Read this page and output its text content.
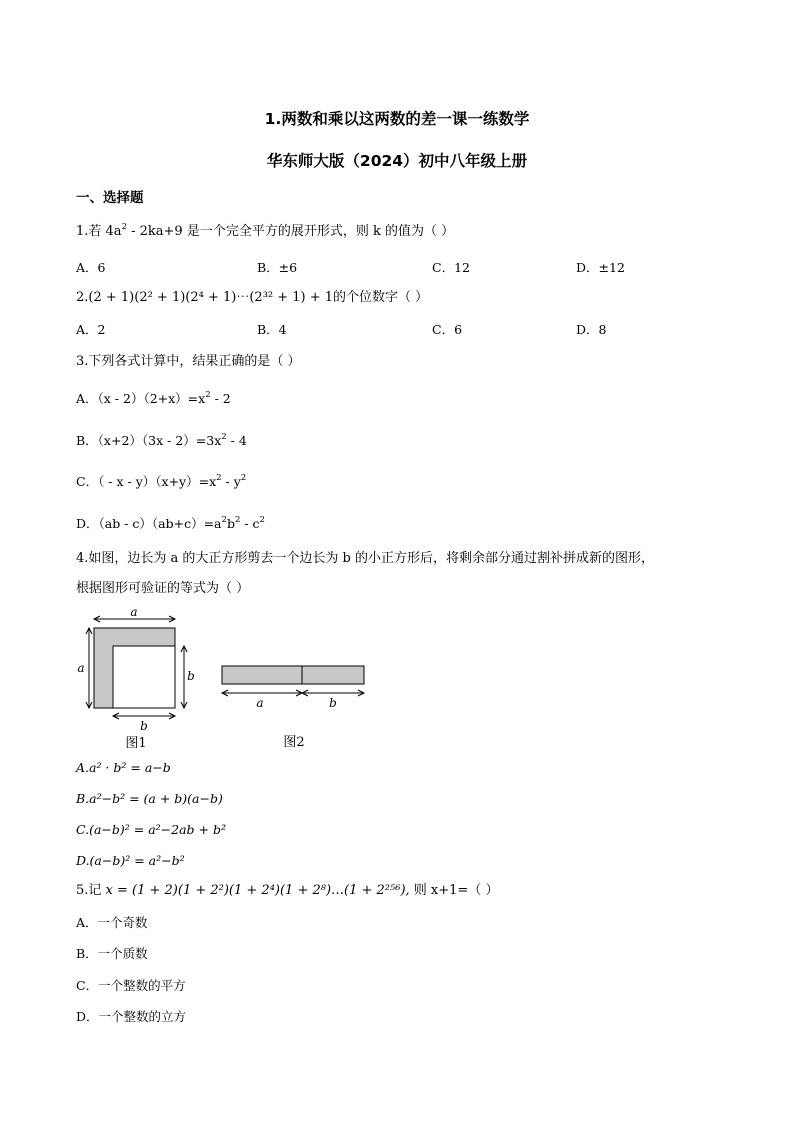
1.两数和乘以这两数的差一课一练数学
华东师大版（2024）初中八年级上册
一、选择题
1.若 $4a^2 - 2ka+9$ 是一个完全平方的展开形式，则 k 的值为（ ）
A．6	B．±6	C．12	D．±12
2.(2 + 1)(2² + 1)(2⁴ + 1)⋯(2³² + 1) + 1的个位数字（ ）
A．2	B．4	C．6	D．8
3.下列各式计算中，结果正确的是（ ）
A．$(x - 2)(2+x)=x^2 - 2$
B．$(x+2)(3x - 2)=3x^2 - 4$
C．（ - $x - y)(x+y)=x^2 - y^2$
D．$(ab - c)(ab+c)=a^2b^2 - c^2$
4.如图，边长为 a 的大正方形剪去一个边长为 b 的小正方形后，将剩余部分通过割补拼成新的图形，
根据图形可验证的等式为（ ）
a
a
b
b
图1
a	b
图2
A.a² · b² = a−b
B.a²−b² = (a + b)(a−b)
C.(a−b)² = a²−2ab + b²
D.(a−b)² = a²−b²
5.记 x = (1 + 2)(1 + 2²)(1 + 2⁴)(1 + 2⁸)…(1 + 2²⁵⁶), 则 x+1=（ ）
A．一个奇数
B．一个质数
C．一个整数的平方
D．一个整数的立方
